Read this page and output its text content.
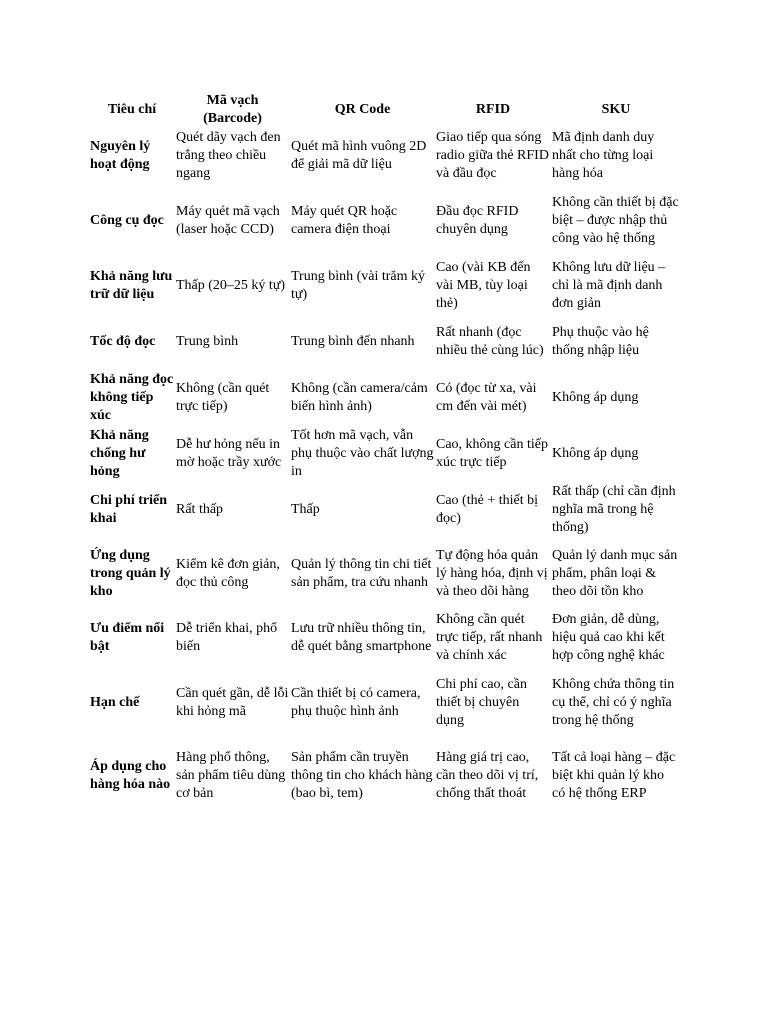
Tiêu chí	Mã vạch (Barcode)	QR Code	RFID	SKU
Nguyên lý hoạt động	Quét dãy vạch đen trắng theo chiều ngang	Quét mã hình vuông 2D để giải mã dữ liệu	Giao tiếp qua sóng radio giữa thẻ RFID và đầu đọc	Mã định danh duy nhất cho từng loại hàng hóa
Công cụ đọc	Máy quét mã vạch (laser hoặc CCD)	Máy quét QR hoặc camera điện thoại	Đầu đọc RFID chuyên dụng	Không cần thiết bị đặc biệt – được nhập thủ công vào hệ thống
Khả năng lưu trữ dữ liệu	Thấp (20–25 ký tự)	Trung bình (vài trăm ký tự)	Cao (vài KB đến vài MB, tùy loại thẻ)	Không lưu dữ liệu – chỉ là mã định danh đơn giản
Tốc độ đọc	Trung bình	Trung bình đến nhanh	Rất nhanh (đọc nhiều thẻ cùng lúc)	Phụ thuộc vào hệ thống nhập liệu
Khả năng đọc không tiếp xúc	Không (cần quét trực tiếp)	Không (cần camera/cảm biến hình ảnh)	Có (đọc từ xa, vài cm đến vài mét)	Không áp dụng
Khả năng chống hư hỏng	Dễ hư hỏng nếu in mờ hoặc trầy xước	Tốt hơn mã vạch, vẫn phụ thuộc vào chất lượng in	Cao, không cần tiếp xúc trực tiếp	Không áp dụng
Chi phí triển khai	Rất thấp	Thấp	Cao (thẻ + thiết bị đọc)	Rất thấp (chỉ cần định nghĩa mã trong hệ thống)
Ứng dụng trong quản lý kho	Kiểm kê đơn giản, đọc thủ công	Quản lý thông tin chi tiết sản phẩm, tra cứu nhanh	Tự động hóa quản lý hàng hóa, định vị và theo dõi hàng	Quản lý danh mục sản phẩm, phân loại & theo dõi tồn kho
Ưu điểm nổi bật	Dễ triển khai, phổ biến	Lưu trữ nhiều thông tin, dễ quét bằng smartphone	Không cần quét trực tiếp, rất nhanh và chính xác	Đơn giản, dễ dùng, hiệu quả cao khi kết hợp công nghệ khác
Hạn chế	Cần quét gần, dễ lỗi khi hỏng mã	Cần thiết bị có camera, phụ thuộc hình ảnh	Chi phí cao, cần thiết bị chuyên dụng	Không chứa thông tin cụ thể, chỉ có ý nghĩa trong hệ thống
Áp dụng cho hàng hóa nào	Hàng phổ thông, sản phẩm tiêu dùng cơ bản	Sản phẩm cần truyền thông tin cho khách hàng (bao bì, tem)	Hàng giá trị cao, cần theo dõi vị trí, chống thất thoát	Tất cả loại hàng – đặc biệt khi quản lý kho có hệ thống ERP
